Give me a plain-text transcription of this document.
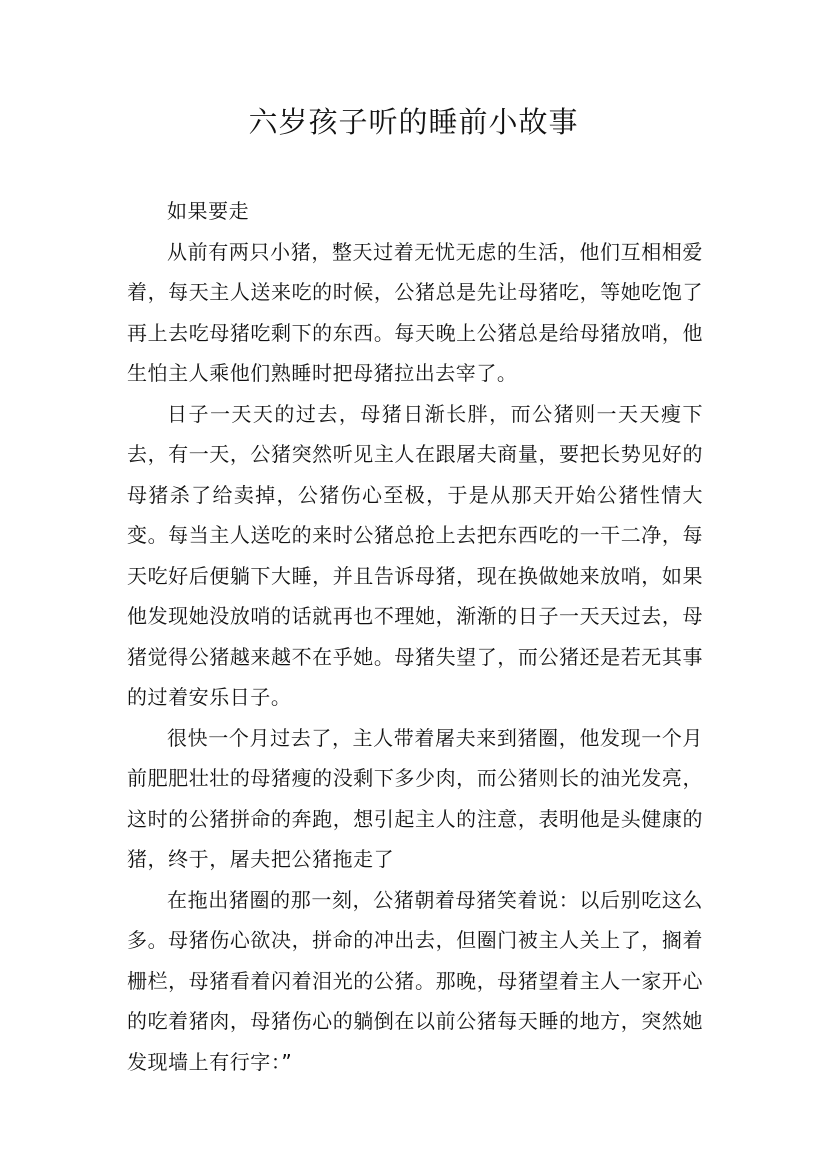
六岁孩子听的睡前小故事

如果要走

从前有两只小猪，整天过着无忧无虑的生活，他们互相相爱着，每天主人送来吃的时候，公猪总是先让母猪吃，等她吃饱了再上去吃母猪吃剩下的东西。每天晚上公猪总是给母猪放哨，他生怕主人乘他们熟睡时把母猪拉出去宰了。

日子一天天的过去，母猪日渐长胖，而公猪则一天天瘦下去，有一天，公猪突然听见主人在跟屠夫商量，要把长势见好的母猪杀了给卖掉，公猪伤心至极，于是从那天开始公猪性情大变。每当主人送吃的来时公猪总抢上去把东西吃的一干二净，每天吃好后便躺下大睡，并且告诉母猪，现在换做她来放哨，如果他发现她没放哨的话就再也不理她，渐渐的日子一天天过去，母猪觉得公猪越来越不在乎她。母猪失望了，而公猪还是若无其事的过着安乐日子。

很快一个月过去了，主人带着屠夫来到猪圈，他发现一个月前肥肥壮壮的母猪瘦的没剩下多少肉，而公猪则长的油光发亮，这时的公猪拼命的奔跑，想引起主人的注意，表明他是头健康的猪，终于，屠夫把公猪拖走了

在拖出猪圈的那一刻，公猪朝着母猪笑着说：以后别吃这么多。母猪伤心欲决，拼命的冲出去，但圈门被主人关上了，搁着栅栏，母猪看着闪着泪光的公猪。那晚，母猪望着主人一家开心的吃着猪肉，母猪伤心的躺倒在以前公猪每天睡的地方，突然她发现墙上有行字：”
